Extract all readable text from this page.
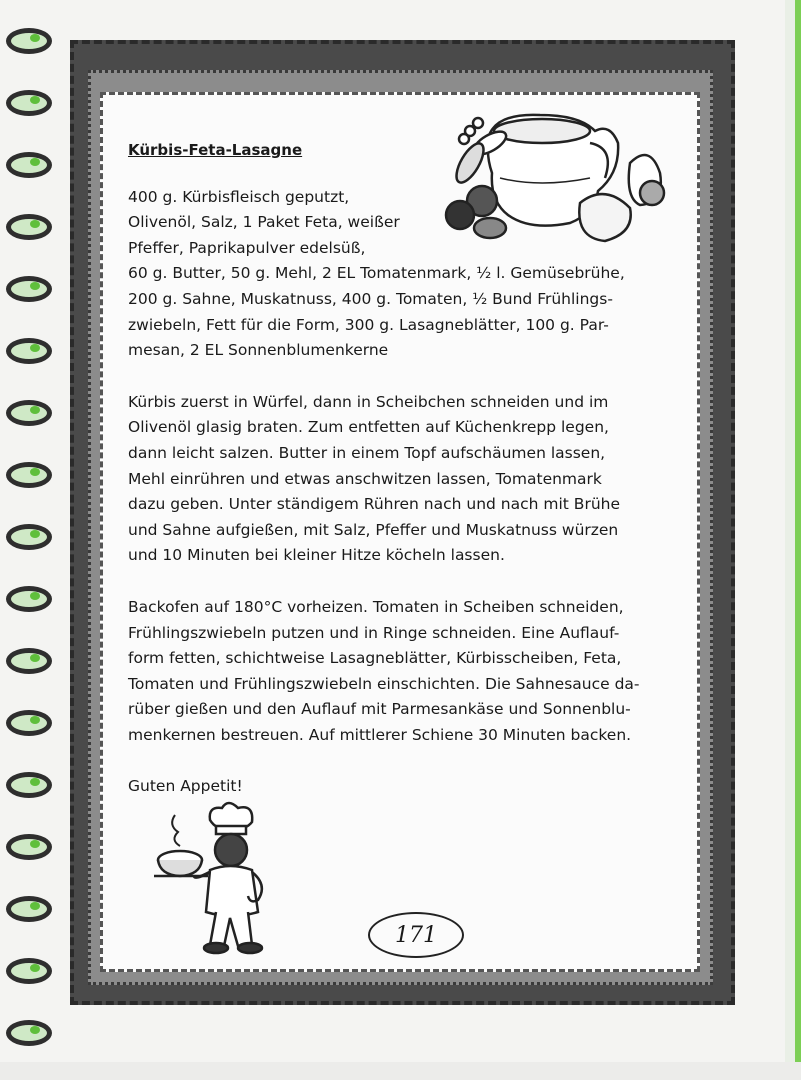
Kürbis-Feta-Lasagne
400 g. Kürbisfleisch geputzt,
Olivenöl, Salz, 1 Paket Feta, weißer
Pfeffer, Paprikapulver edelsüß,
60 g. Butter, 50 g. Mehl, 2 EL Tomatenmark, ½ l. Gemüsebrühe,
200 g. Sahne, Muskatnuss, 400 g. Tomaten, ½ Bund Frühlings-
zwiebeln, Fett für die Form, 300 g. Lasagneblätter, 100 g. Par-
mesan, 2 EL Sonnenblumenkerne
Kürbis zuerst in Würfel, dann in Scheibchen schneiden und im
Olivenöl glasig braten. Zum entfetten auf Küchenkrepp legen,
dann leicht salzen. Butter in einem Topf aufschäumen lassen,
Mehl einrühren und etwas anschwitzen lassen, Tomatenmark
dazu geben. Unter ständigem Rühren nach und nach mit Brühe
und Sahne aufgießen, mit Salz, Pfeffer und Muskatnuss würzen
und 10 Minuten bei kleiner Hitze köcheln lassen.
Backofen auf 180°C vorheizen. Tomaten in Scheiben schneiden,
Frühlingszwiebeln putzen und in Ringe schneiden. Eine Auflauf-
form fetten, schichtweise Lasagneblätter, Kürbisscheiben, Feta,
Tomaten und Frühlingszwiebeln einschichten. Die Sahnesauce da-
rüber gießen und den Auflauf mit Parmesankäse und Sonnenblu-
menkernen bestreuen. Auf mittlerer Schiene 30 Minuten backen.
Guten Appetit!
171
